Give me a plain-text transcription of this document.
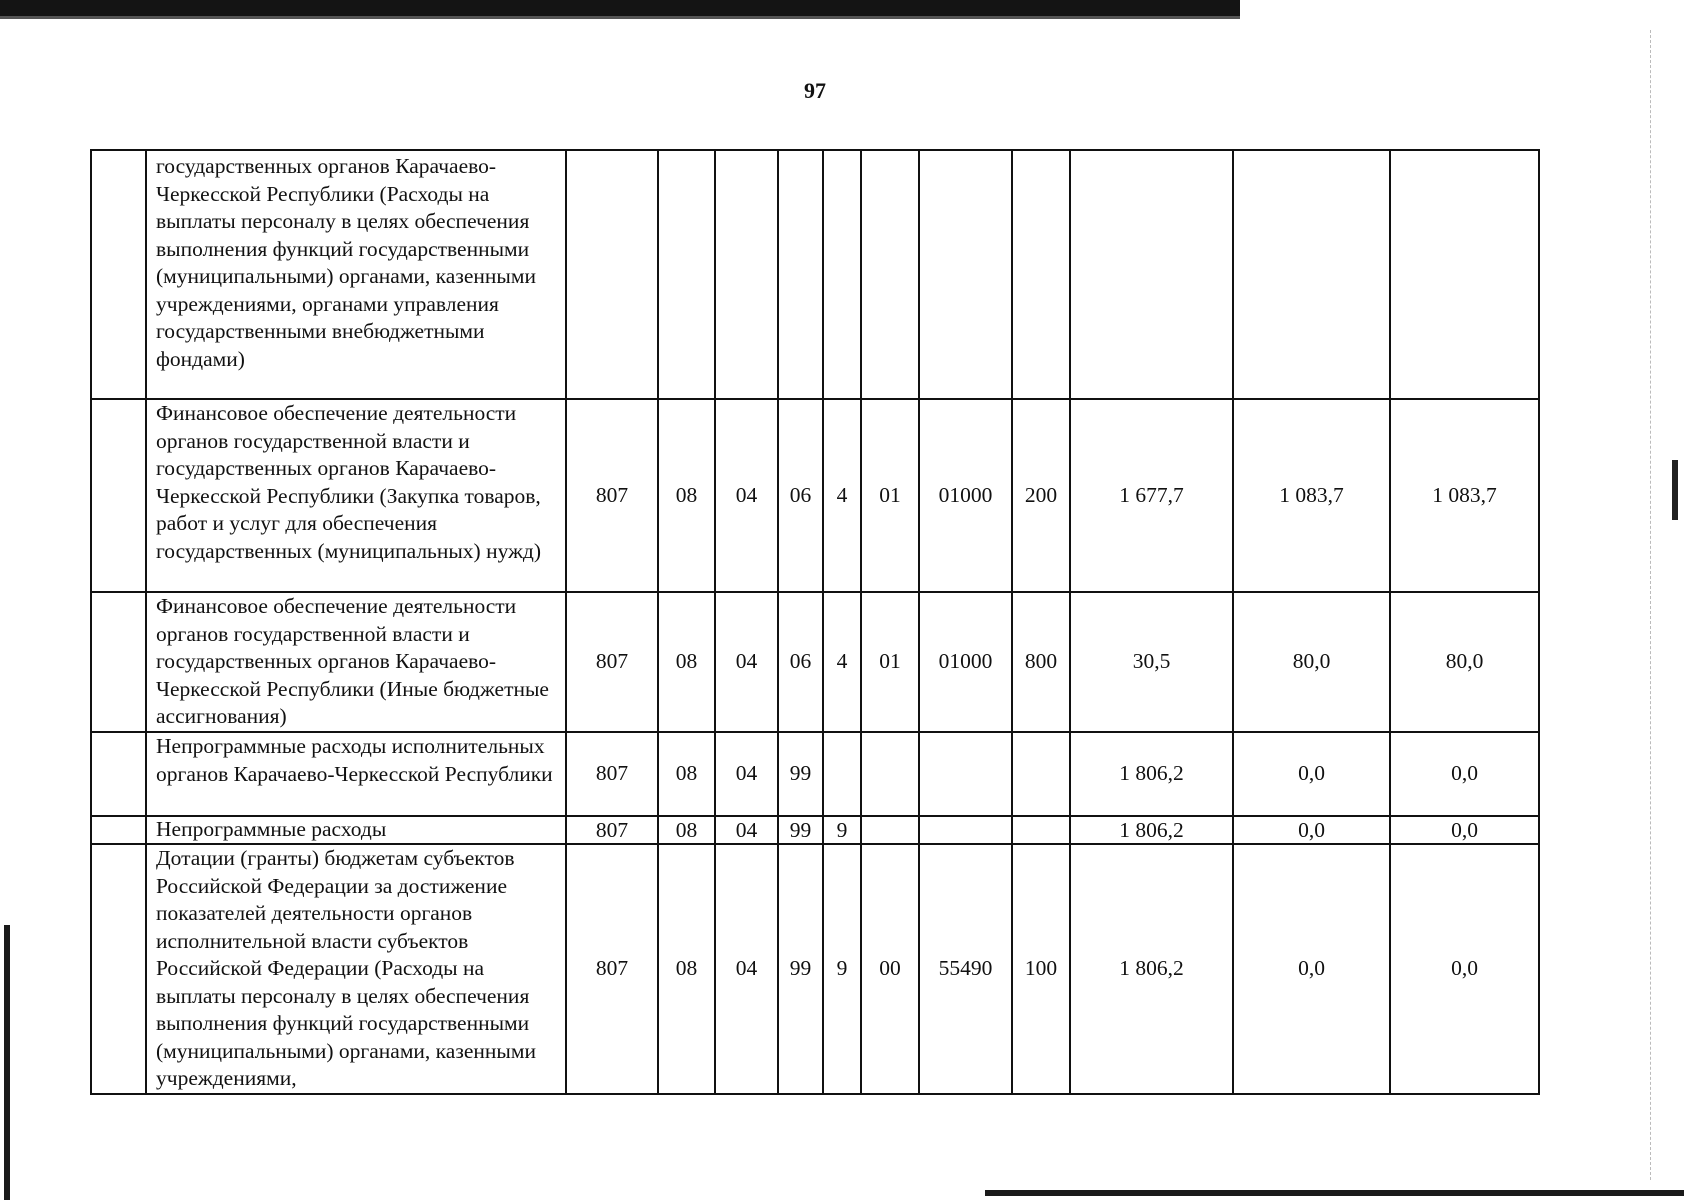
97
	государственных органов Карачаево-Черкесской Республики (Расходы на выплаты персоналу в целях обеспечения выполнения функций государственными (муниципальными) органами, казенными учреждениями, органами управления государственными внебюджетными фондами)											
	Финансовое обеспечение деятельности органов государственной власти и государственных органов Карачаево-Черкесской Республики (Закупка товаров, работ и услуг для обеспечения государственных (муниципальных) нужд)	807	08	04	06	4	01	01000	200	1 677,7	1 083,7	1 083,7
	Финансовое обеспечение деятельности органов государственной власти и государственных органов Карачаево-Черкесской Республики (Иные бюджетные ассигнования)	807	08	04	06	4	01	01000	800	30,5	80,0	80,0
	Непрограммные расходы исполнительных органов Карачаево-Черкесской Республики	807	08	04	99					1 806,2	0,0	0,0
	Непрограммные расходы	807	08	04	99	9				1 806,2	0,0	0,0
	Дотации (гранты) бюджетам субъектов Российской Федерации за достижение показателей деятельности органов исполнительной власти субъектов Российской Федерации (Расходы на выплаты персоналу в целях обеспечения выполнения функций государственными (муниципальными) органами, казенными учреждениями,	807	08	04	99	9	00	55490	100	1 806,2	0,0	0,0
